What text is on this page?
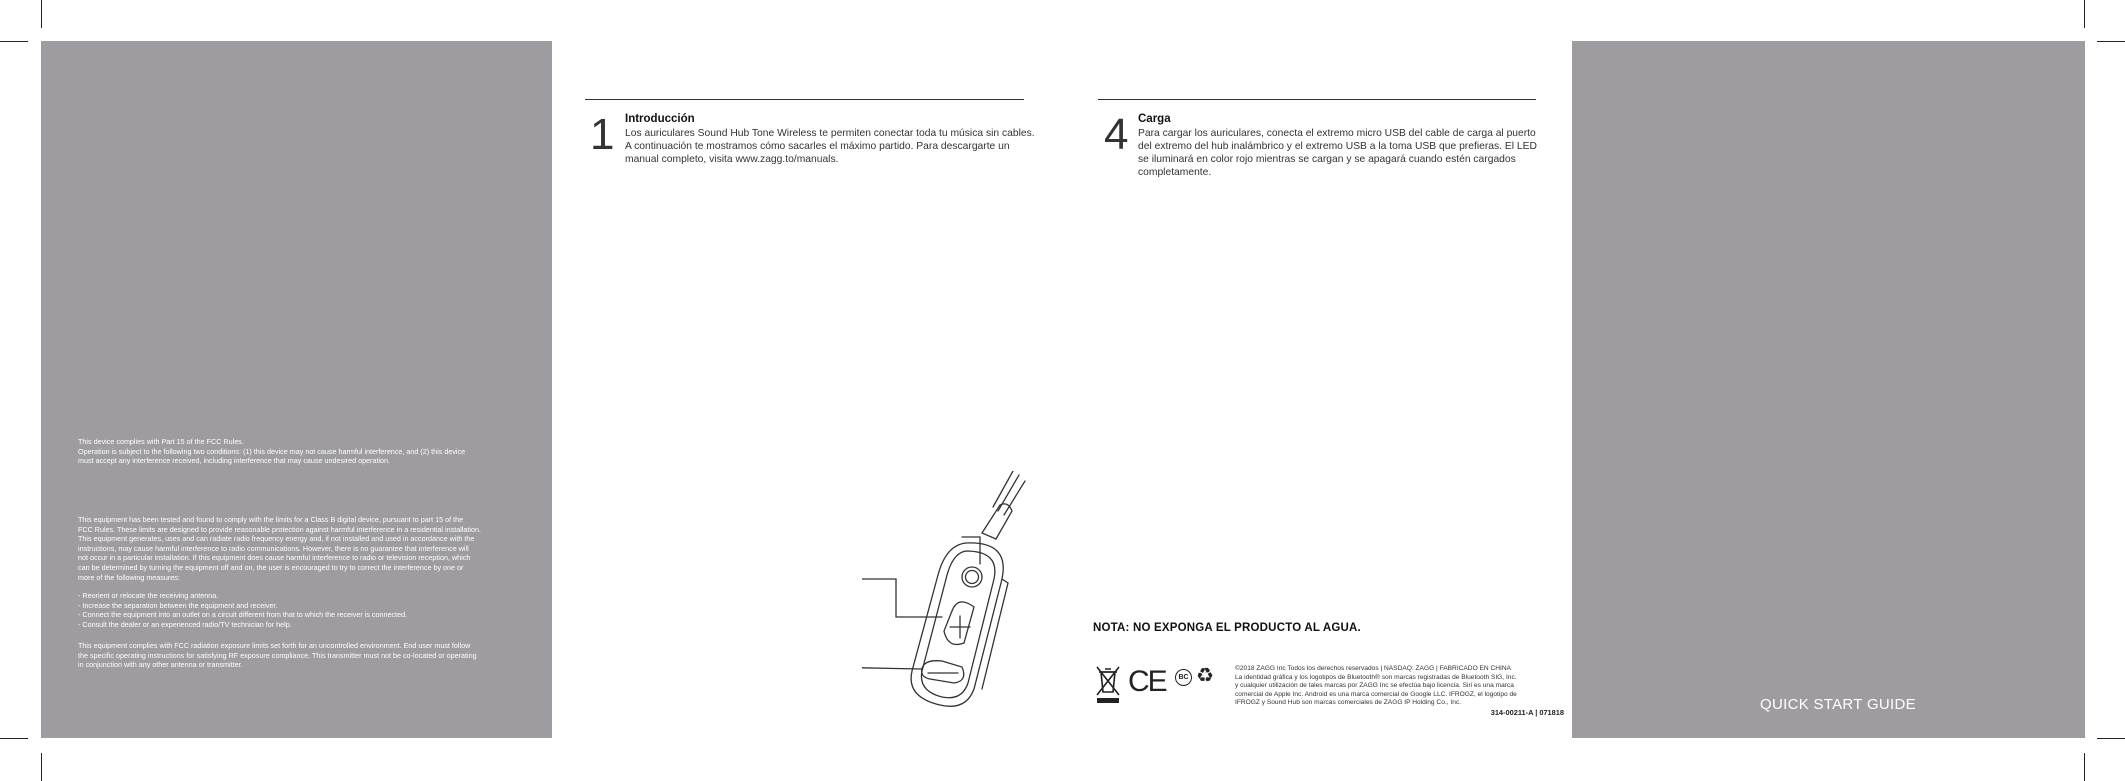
This device complies with Part 15 of the FCC Rules.

Operation is subject to the following two conditions: (1) this device may not cause harmful interference, and (2) this device

must accept any interference received, including interference that may cause undesired operation.

This equipment has been tested and found to comply with the limits for a Class B digital device, pursuant to part 15 of the

FCC Rules. These limits are designed to provide reasonable protection against harmful interference in a residential installation.

This equipment generates, uses and can radiate radio frequency energy and, if not installed and used in accordance with the

instructions, may cause harmful interference to radio communications. However, there is no guarantee that interference will

not occur in a particular installation. If this equipment does cause harmful interference to radio or television reception, which

can be determined by turning the equipment off and on, the user is encouraged to try to correct the interference by one or

more of the following measures:

- Reorient or relocate the receiving antenna.
- Increase the separation between the equipment and receiver.
- Connect the equipment into an outlet on a circuit different from that to which the receiver is connected.
- Consult the dealer or an experienced radio/TV technician for help.

This equipment complies with FCC radiation exposure limits set forth for an uncontrolled environment. End user must follow

the specific operating instructions for satisfying RF exposure compliance. This transmitter must not be co-located or operating

in conjunction with any other antenna or transmitter.

1 Introducción
Los auriculares Sound Hub Tone Wireless te permiten conectar toda tu música sin cables.
A continuación te mostramos cómo sacarles el máximo partido. Para descargarte un
manual completo, visita www.zagg.to/manuals.
4 Carga
Para cargar los auriculares, conecta el extremo micro USB del cable de carga al puerto
del extremo del hub inalámbrico y el extremo USB a la toma USB que prefieras. El LED
se iluminará en color rojo mientras se cargan y se apagará cuando estén cargados
completamente.
NOTA: NO EXPONGA EL PRODUCTO AL AGUA.
CE	BC ♻	©2018 ZAGG Inc Todos los derechos reservados | NASDAQ: ZAGG | FABRICADO EN CHINA

La identidad gráfica y los logotipos de Bluetooth® son marcas registradas de Bluetooth SIG, Inc.

y cualquier utilización de tales marcas por ZAGG Inc se efectúa bajo licencia. Siri es una marca

comercial de Apple Inc. Android es una marca comercial de Google LLC. IFROGZ, el logotipo de

IFROGZ y Sound Hub son marcas comerciales de ZAGG IP Holding Co., Inc.

314-00211-A | 071818	QUICK START GUIDE
